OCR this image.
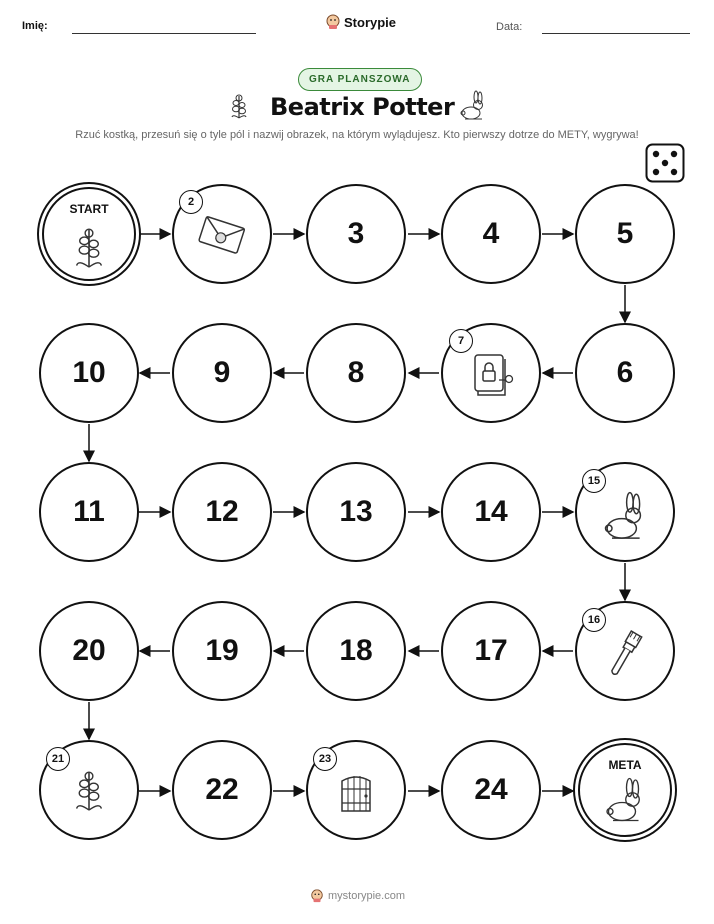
Imię:	Storypie	Data:
GRA PLANSZOWA
Beatrix Potter
Rzuć kostką, przesuń się o tyle pól i nazwij obrazek, na którym wylądujesz. Kto pierwszy dotrze do METY, wygrywa!
START	2
3	4	5
10	9	8
7
6
11	12	13	14
15
20	19	18	17
16
21
22
23
24
META
mystorypie.com
